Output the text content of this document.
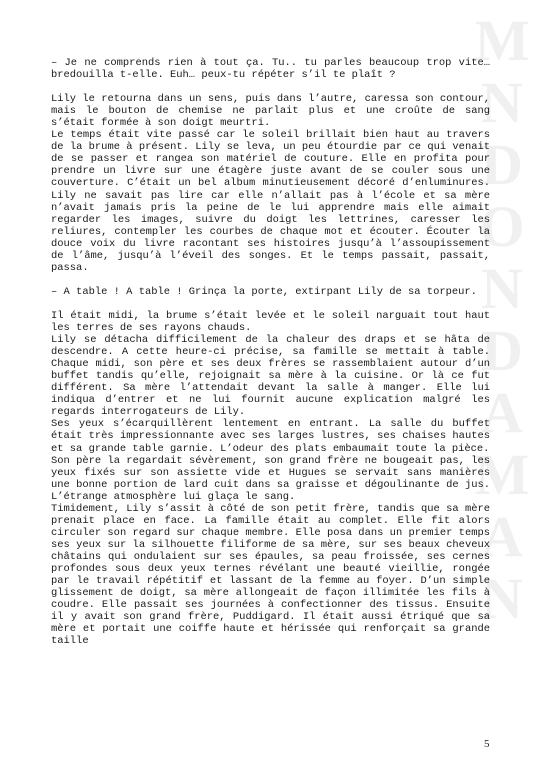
M
N
D
O
N
D
A
M
A
N

– Je ne comprends rien à tout ça. Tu.. tu parles beaucoup trop vite… bredouilla t-elle. Euh… peux-tu répéter s’il te plaît ?

Lily le retourna dans un sens, puis dans l’autre, caressa son contour, mais le bouton de chemise ne parlait plus et une croûte de sang s’était formée à son doigt meurtri.

Le temps était vite passé car le soleil brillait bien haut au travers de la brume à présent. Lily se leva, un peu étourdie par ce qui venait de se passer et rangea son matériel de couture. Elle en profita pour prendre un livre sur une étagère juste avant de se couler sous une couverture. C’était un bel album minutieusement décoré d’enluminures. Lily ne savait pas lire car elle n’allait pas à l’école et sa mère n’avait jamais pris la peine de le lui apprendre mais elle aimait regarder les images, suivre du doigt les lettrines, caresser les reliures, contempler les courbes de chaque mot et écouter. Écouter la douce voix du livre racontant ses histoires jusqu’à l’assoupissement de l’âme, jusqu’à l’éveil des songes. Et le temps passait, passait, passa.

– A table ! A table ! Grinça la porte, extirpant Lily de sa torpeur.

Il était midi, la brume s’était levée et le soleil narguait tout haut les terres de ses rayons chauds.

Lily se détacha difficilement de la chaleur des draps et se hâta de descendre. A cette heure-ci précise, sa famille se mettait à table. Chaque midi, son père et ses deux frères se rassemblaient autour d’un buffet tandis qu’elle, rejoignait sa mère à la cuisine. Or là ce fut différent. Sa mère l’attendait devant la salle à manger. Elle lui indiqua d’entrer et ne lui fournit aucune explication malgré les regards interrogateurs de Lily.

Ses yeux s’écarquillèrent lentement en entrant. La salle du buffet était très impressionnante avec ses larges lustres, ses chaises hautes et sa grande table garnie. L’odeur des plats embaumait toute la pièce.

Son père la regardait sévèrement, son grand frère ne bougeait pas, les yeux fixés sur son assiette vide et Hugues se servait sans manières une bonne portion de lard cuit dans sa graisse et dégoulinante de jus. L’étrange atmosphère lui glaça le sang.

Timidement, Lily s’assit à côté de son petit frère, tandis que sa mère prenait place en face. La famille était au complet. Elle fit alors circuler son regard sur chaque membre. Elle posa dans un premier temps ses yeux sur la silhouette filiforme de sa mère, sur ses beaux cheveux châtains qui ondulaient sur ses épaules, sa peau froissée, ses cernes profondes sous deux yeux ternes révélant une beauté vieillie, rongée par le travail répétitif et lassant de la femme au foyer. D’un simple glissement de doigt, sa mère allongeait de façon illimitée les fils à coudre. Elle passait ses journées à confectionner des tissus. Ensuite il y avait son grand frère, Puddigard. Il était aussi étriqué que sa mère et portait une coiffe haute et hérissée qui renforçait sa grande taille

5
